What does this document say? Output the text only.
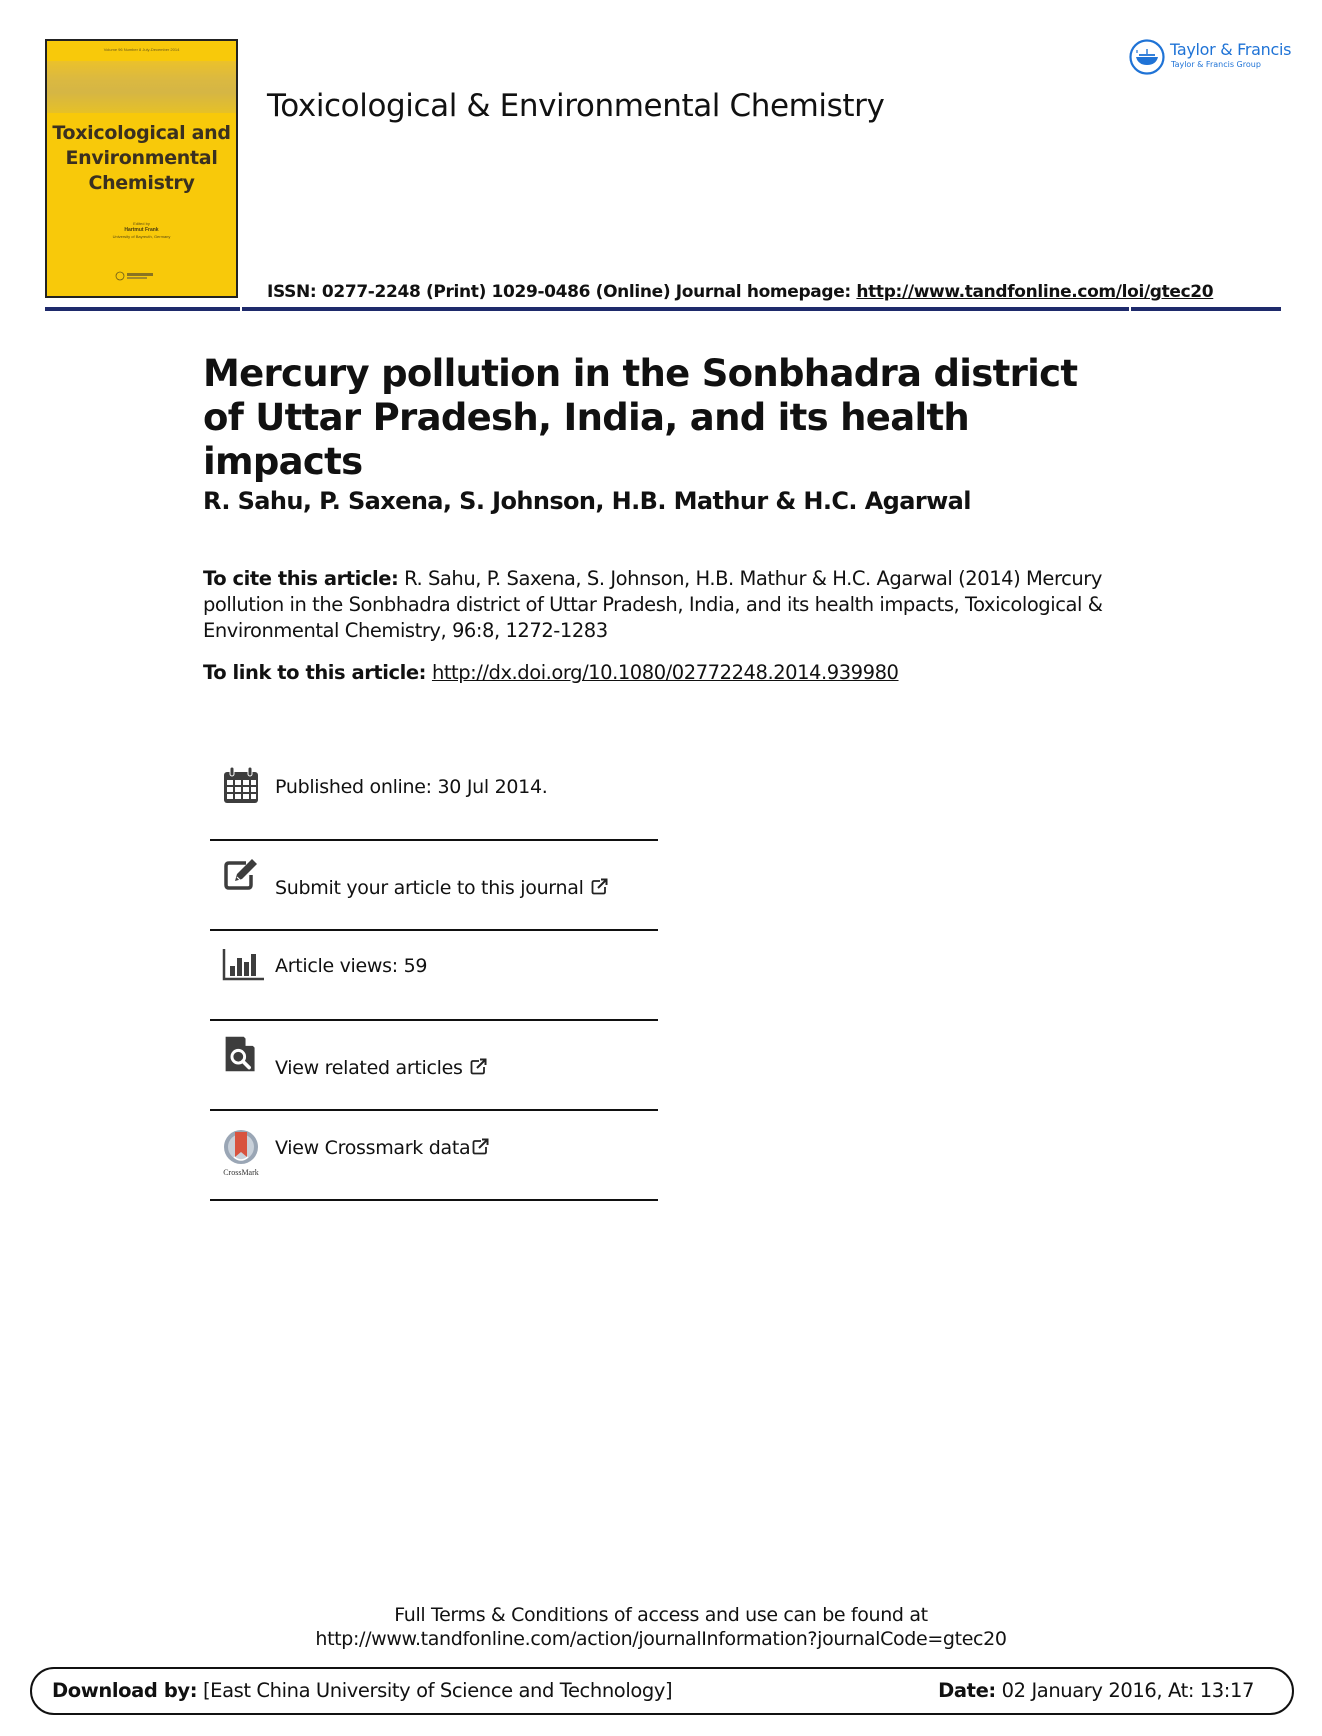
Volume 96 Number 8 July-December 2014
Toxicological and
Environmental
Chemistry
Edited by
Hartmut Frank
University of Bayreuth, Germany
Toxicological & Environmental Chemistry
Taylor & Francis
Taylor & Francis Group
ISSN: 0277-2248 (Print) 1029-0486 (Online) Journal homepage: http://www.tandfonline.com/loi/gtec20
Mercury pollution in the Sonbhadra district of Uttar Pradesh, India, and its health impacts
R. Sahu, P. Saxena, S. Johnson, H.B. Mathur & H.C. Agarwal
To cite this article: R. Sahu, P. Saxena, S. Johnson, H.B. Mathur & H.C. Agarwal (2014) Mercury pollution in the Sonbhadra district of Uttar Pradesh, India, and its health impacts, Toxicological & Environmental Chemistry, 96:8, 1272-1283
To link to this article: http://dx.doi.org/10.1080/02772248.2014.939980
Published online: 30 Jul 2014.
Submit your article to this journal
Article views: 59
View related articles
CrossMark
View Crossmark data
Full Terms & Conditions of access and use can be found at
http://www.tandfonline.com/action/journalInformation?journalCode=gtec20
Download by: [East China University of Science and Technology]	Date: 02 January 2016, At: 13:17
